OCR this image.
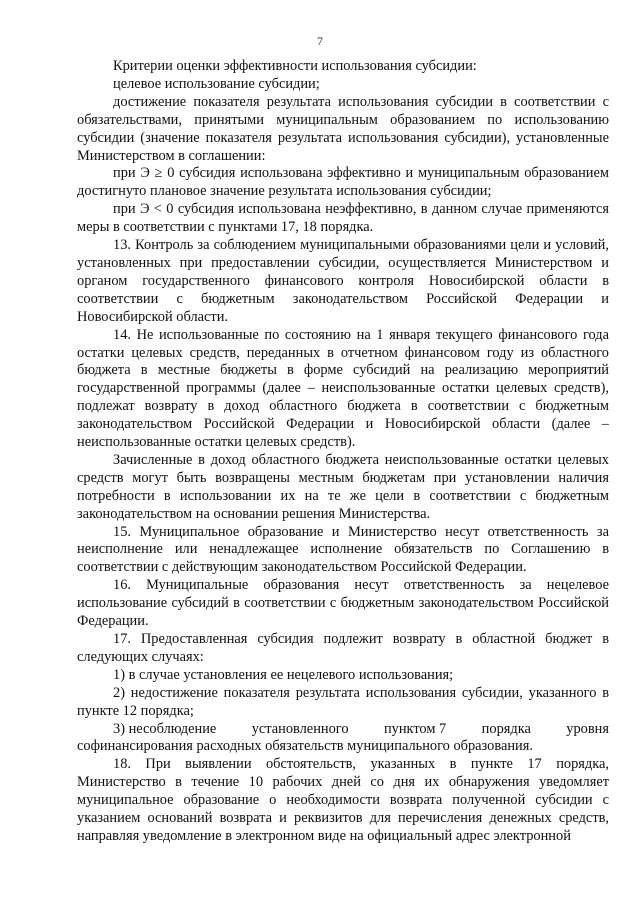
7

Критерии оценки эффективности использования субсидии:

целевое использование субсидии;

достижение показателя результата использования субсидии в соответствии с обязательствами, принятыми муниципальным образованием по использованию субсидии (значение показателя результата использования субсидии), установленные Министерством в соглашении:

при Э ≥ 0 субсидия использована эффективно и муниципальным образованием достигнуто плановое значение результата использования субсидии;

при Э < 0 субсидия использована неэффективно, в данном случае применяются меры в соответствии с пунктами 17, 18 порядка.

13. Контроль за соблюдением муниципальными образованиями цели и условий, установленных при предоставлении субсидии, осуществляется Министерством и органом государственного финансового контроля Новосибирской области в соответствии с бюджетным законодательством Российской Федерации и Новосибирской области.

14. Не использованные по состоянию на 1 января текущего финансового года остатки целевых средств, переданных в отчетном финансовом году из областного бюджета в местные бюджеты в форме субсидий на реализацию мероприятий государственной программы (далее – неиспользованные остатки целевых средств), подлежат возврату в доход областного бюджета в соответствии с бюджетным законодательством Российской Федерации и Новосибирской области (далее – неиспользованные остатки целевых средств).

Зачисленные в доход областного бюджета неиспользованные остатки целевых средств могут быть возвращены местным бюджетам при установлении наличия потребности в использовании их на те же цели в соответствии с бюджетным законодательством на основании решения Министерства.

15. Муниципальное образование и Министерство несут ответственность за неисполнение или ненадлежащее исполнение обязательств по Соглашению в соответствии с действующим законодательством Российской Федерации.

16. Муниципальные образования несут ответственность за нецелевое использование субсидий в соответствии с бюджетным законодательством Российской Федерации.

17. Предоставленная субсидия подлежит возврату в областной бюджет в следующих случаях:

1) в случае установления ее нецелевого использования;

2) недостижение показателя результата использования субсидии, указанного в пункте 12 порядка;

3) несоблюдение установленного пунктом 7 порядка уровня

софинансирования расходных обязательств муниципального образования.

18. При выявлении обстоятельств, указанных в пункте 17 порядка, Министерство в течение 10 рабочих дней со дня их обнаружения уведомляет муниципальное образование о необходимости возврата полученной субсидии с указанием оснований возврата и реквизитов для перечисления денежных средств, направляя уведомление в электронном виде на официальный адрес электронной
